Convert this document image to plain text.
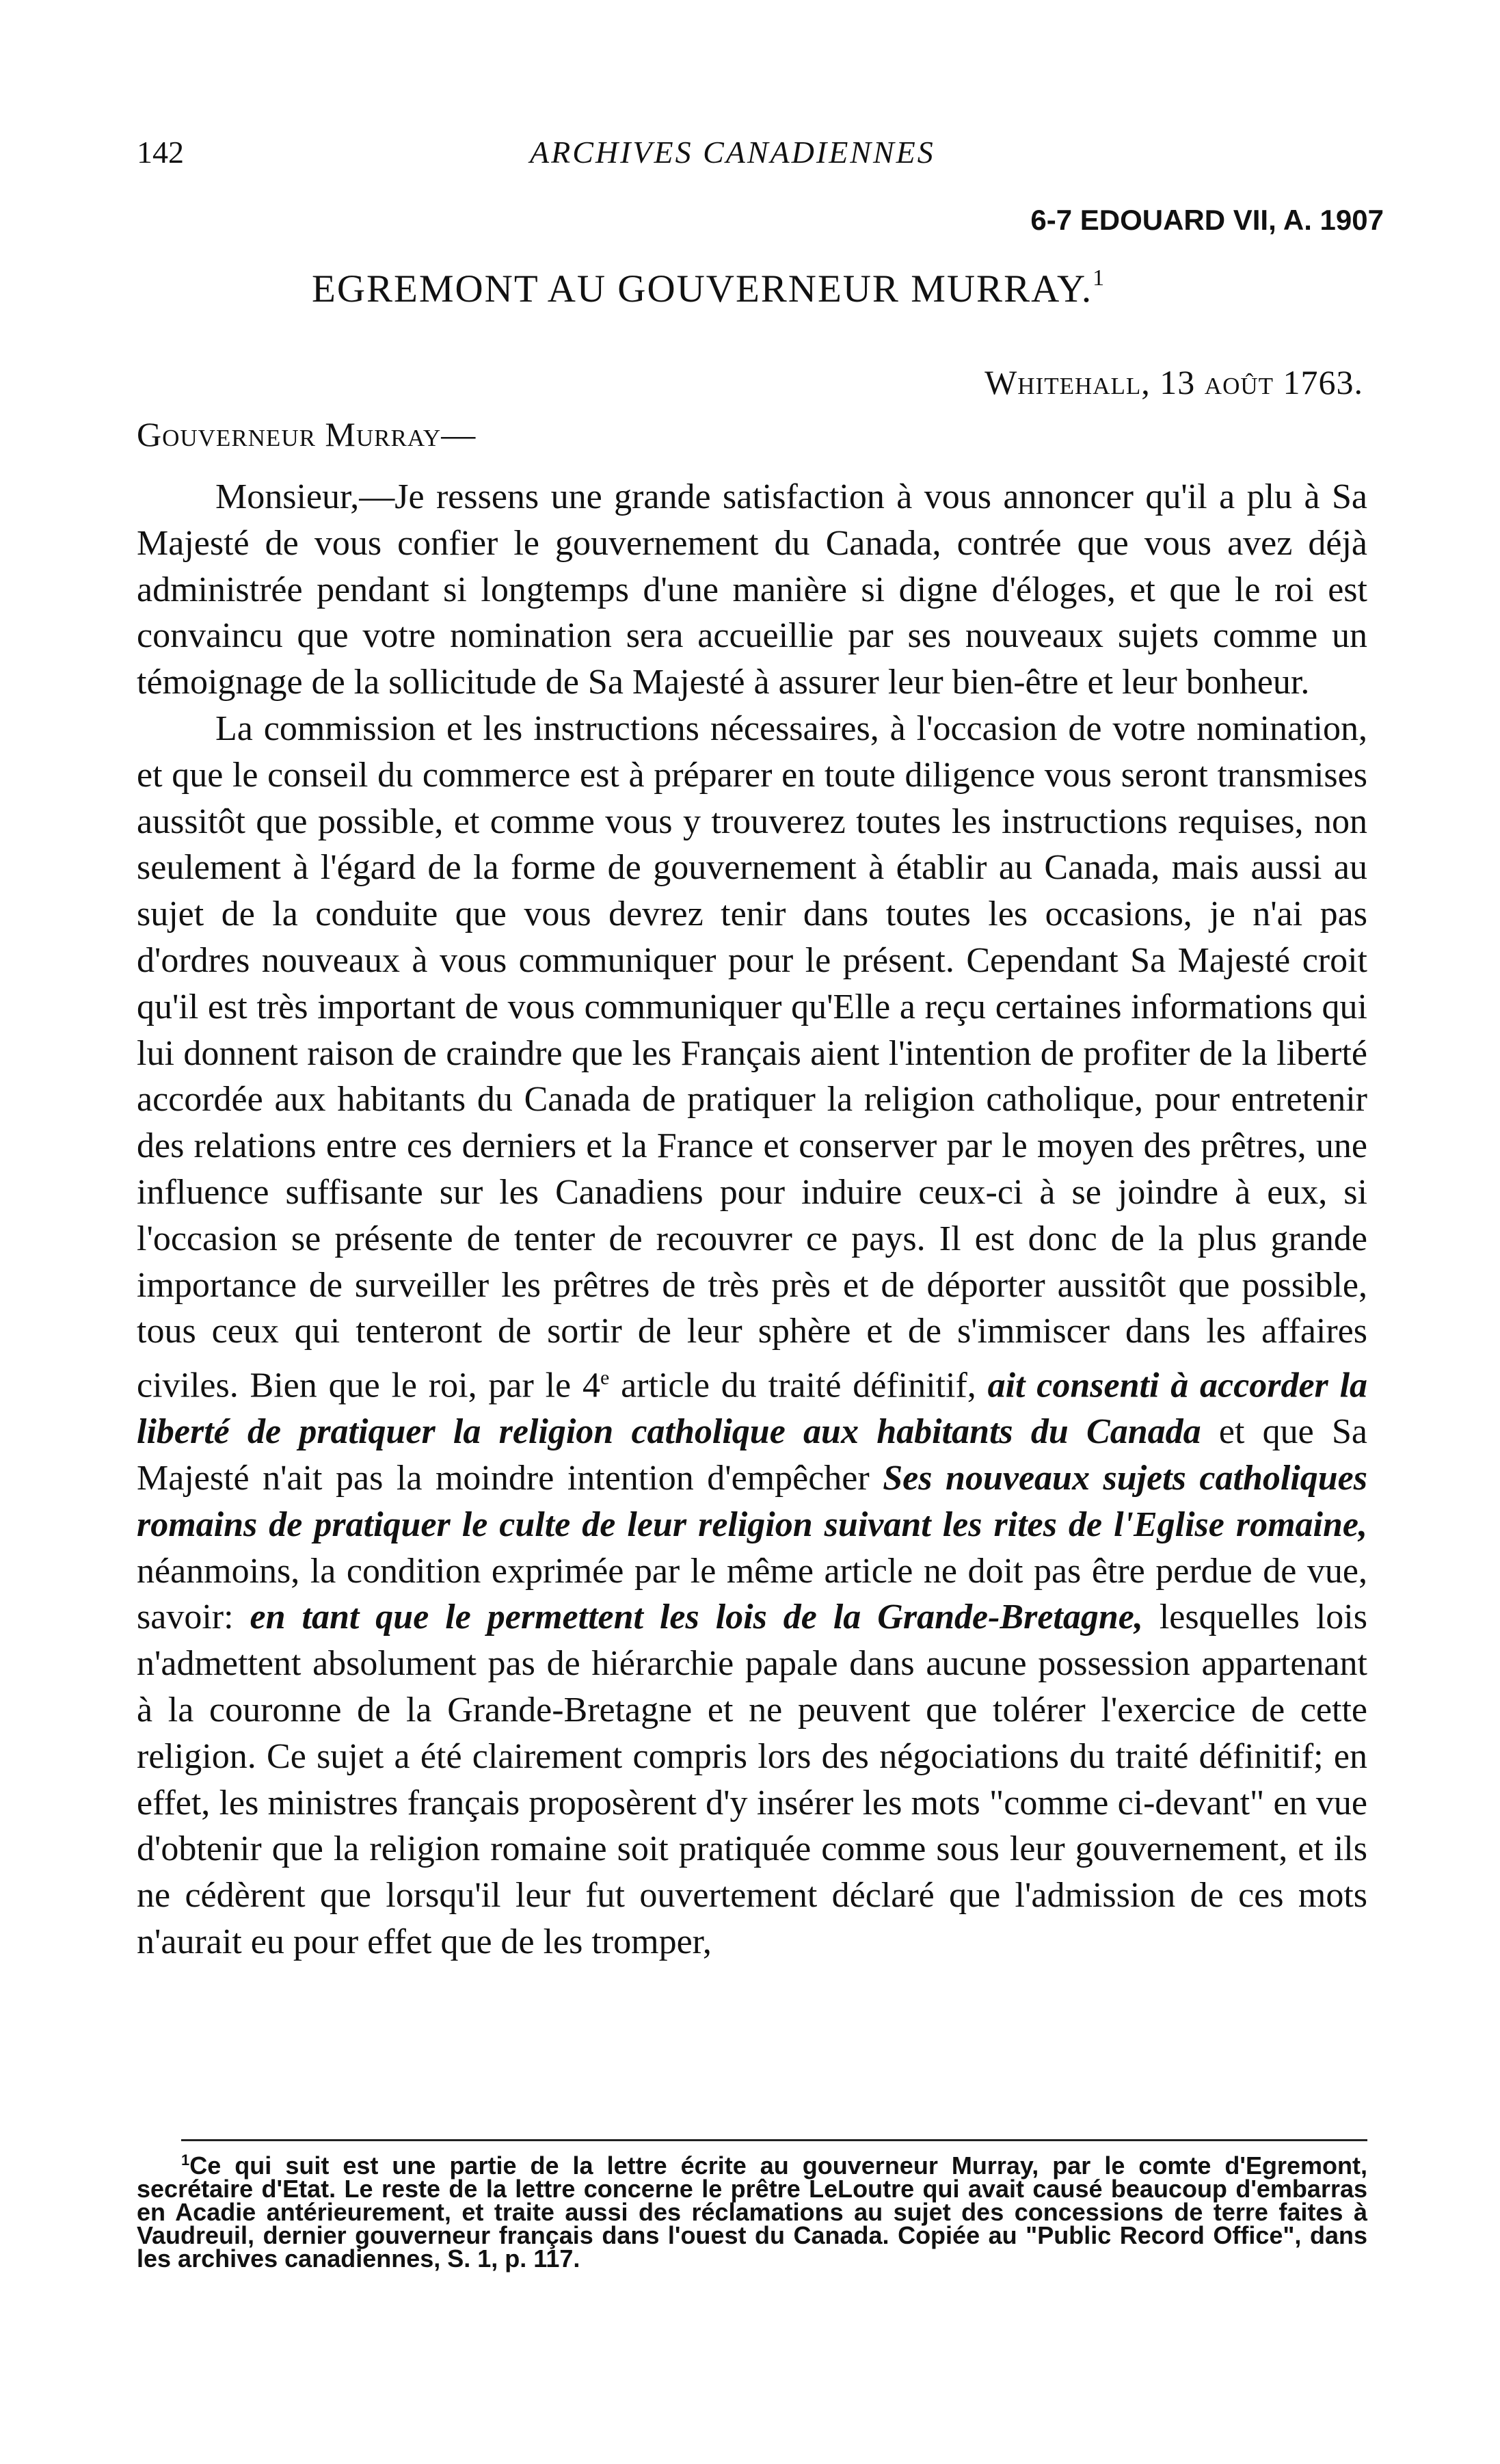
142	ARCHIVES CANADIENNES
6-7 EDOUARD VII, A. 1907
EGREMONT AU GOUVERNEUR MURRAY.$^1$
Whitehall, 13 août 1763.
Gouverneur Murray—

Monsieur,—Je ressens une grande satisfaction à vous annoncer qu'il a plu à Sa Majesté de vous confier le gouvernement du Canada, contrée que vous avez déjà administrée pendant si longtemps d'une manière si digne d'éloges, et que le roi est convaincu que votre nomination sera accueillie par ses nouveaux sujets comme un témoignage de la sollicitude de Sa Majesté à assurer leur bien-être et leur bonheur.

La commission et les instructions nécessaires, à l'occasion de votre nomination, et que le conseil du commerce est à préparer en toute diligence vous seront transmises aussitôt que possible, et comme vous y trouverez toutes les instructions requises, non seulement à l'égard de la forme de gouvernement à établir au Canada, mais aussi au sujet de la conduite que vous devrez tenir dans toutes les occasions, je n'ai pas d'ordres nouveaux à vous communiquer pour le présent. Cependant Sa Majesté croit qu'il est très important de vous communiquer qu'Elle a reçu certaines informations qui lui donnent raison de craindre que les Français aient l'intention de profiter de la liberté accordée aux habitants du Canada de pratiquer la religion catholique, pour entretenir des relations entre ces derniers et la France et conserver par le moyen des prêtres, une influence suffisante sur les Canadiens pour induire ceux-ci à se joindre à eux, si l'occasion se présente de tenter de recouvrer ce pays. Il est donc de la plus grande importance de surveiller les prêtres de très près et de déporter aussitôt que possible, tous ceux qui tenteront de sortir de leur sphère et de s'immiscer dans les affaires civiles. Bien que le roi, par le 4e article du traité définitif, ait consenti à accorder la liberté de pratiquer la religion catholique aux habitants du Canada et que Sa Majesté n'ait pas la moindre intention d'empêcher Ses nouveaux sujets catholiques romains de pratiquer le culte de leur religion suivant les rites de l'Eglise romaine, néanmoins, la condition exprimée par le même article ne doit pas être perdue de vue, savoir: en tant que le permettent les lois de la Grande-Bretagne, lesquelles lois n'admettent absolument pas de hiérarchie papale dans aucune possession appartenant à la couronne de la Grande-Bretagne et ne peuvent que tolérer l'exercice de cette religion. Ce sujet a été clairement compris lors des négociations du traité définitif; en effet, les ministres français proposèrent d'y insérer les mots "comme ci-devant" en vue d'obtenir que la religion romaine soit pratiquée comme sous leur gouvernement, et ils ne cédèrent que lorsqu'il leur fut ouvertement déclaré que l'admission de ces mots n'aurait eu pour effet que de les tromper,

$^1$Ce qui suit est une partie de la lettre écrite au gouverneur Murray, par le comte d'Egremont, secrétaire d'Etat. Le reste de la lettre concerne le prêtre LeLoutre qui avait causé beaucoup d'embarras en Acadie antérieurement, et traite aussi des réclamations au sujet des concessions de terre faites à Vaudreuil, dernier gouverneur français dans l'ouest du Canada. Copiée au "Public Record Office", dans les archives canadiennes, S. 1, p. 117.
